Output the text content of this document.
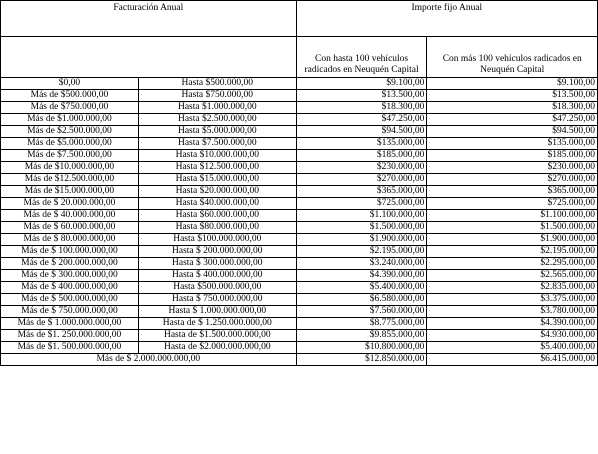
Facturación Anual		Importe fijo Anual	
		Con hasta 100 vehículos radicados en Neuquén Capital	Con más 100 vehículos radicados en Neuquén Capital
$0,00	Hasta $500.000,00	$9.100,00	$9.100,00
Más de $500.000,00	Hasta $750.000,00	$13.500,00	$13.500,00
Más de $750.000,00	Hasta $1.000.000,00	$18.300,00	$18.300,00
Más de $1.000.000,00	Hasta $2.500.000,00	$47.250,00	$47.250,00
Más de $2.500.000,00	Hasta $5.000.000,00	$94.500,00	$94.500,00
Más de $5.000.000,00	Hasta $7.500.000,00	$135.000,00	$135.000,00
Más de $7.500.000,00	Hasta $10.000.000,00	$185.000,00	$185.000,00
Más de $10.000.000,00	Hasta $12.500.000,00	$230.000,00	$230.000,00
Más de $12.500.000,00	Hasta $15.000.000,00	$270.000,00	$270.000,00
Más de $15.000.000,00	Hasta $20.000.000,00	$365.000,00	$365.000,00
Más de $ 20.000.000,00	Hasta $40.000.000,00	$725.000,00	$725.000,00
Más de $ 40.000.000,00	Hasta $60.000.000,00	$1.100.000,00	$1.100.000,00
Más de $ 60.000.000,00	Hasta $80.000.000,00	$1.500.000,00	$1.500.000,00
Más de $ 80.000.000,00	Hasta $100.000.000,00	$1.900.000,00	$1.900.000,00
Más de $ 100.000.000,00	Hasta $ 200.000.000,00	$2.195.000,00	$2.195.000,00
Más de $ 200.000.000,00	Hasta $ 300.000.000,00	$3.240.000,00	$2.295.000,00
Más de $ 300.000.000,00	Hasta $ 400.000.000,00	$4.390.000,00	$2.565.000,00
Más de $ 400.000.000,00	Hasta $500.000.000,00	$5.400.000,00	$2.835.000,00
Más de $ 500.000.000,00	Hasta $ 750.000.000,00	$6.580.000,00	$3.375.000,00
Más de $ 750.000.000,00	Hasta $ 1.000.000.000,00	$7.560.000,00	$3.780.000,00
Más de $ 1.000.000.000,00	Hasta de $ 1.250.000.000,00	$8.775.000,00	$4.390.000,00
Más de $1. 250.000.000,00	Hasta de $1.500.000.000,00	$9.855.000,00	$4.930.000,00
Más de $1. 500.000.000,00	Hasta de $2.000.000.000,00	$10.800.000,00	$5.400.000,00
Más de $ 2.000.000.000,00		$12.850.000,00	$6.415.000,00
